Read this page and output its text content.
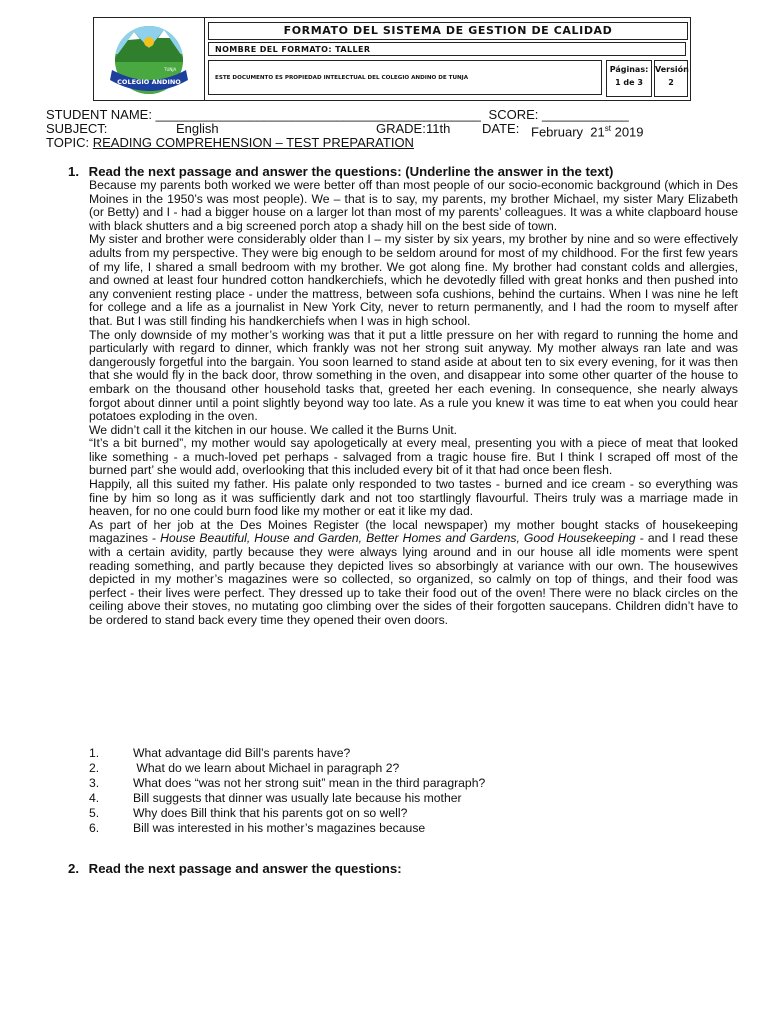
COLEGIO ANDINO
TUNJA
FORMATO DEL SISTEMA DE GESTION DE CALIDAD
NOMBRE DEL FORMATO: TALLER
ESTE DOCUMENTO ES PROPIEDAD INTELECTUAL DEL COLEGIO ANDINO DE TUNJA
Páginas:
1 de 3
Versión
2
STUDENT NAME: _____________________________________________ SCORE: ____________
SUBJECT:	English	GRADE: 11th DATE: February 21st 2019
TOPIC: READING COMPREHENSION – TEST PREPARATION
1. Read the next passage and answer the questions: (Underline the answer in the text)

Because my parents both worked we were better off than most people of our socio-economic background (which in Des Moines in the 1950’s was most people). We – that is to say, my parents, my brother Michael, my sister Mary Elizabeth (or Betty) and I - had a bigger house on a larger lot than most of my parents’ colleagues. It was a white clapboard house with black shutters and a big screened porch atop a shady hill on the best side of town.

My sister and brother were considerably older than I – my sister by six years, my brother by nine and so were effectively adults from my perspective. They were big enough to be seldom around for most of my childhood. For the first few years of my life, I shared a small bedroom with my brother. We got along fine. My brother had constant colds and allergies, and owned at least four hundred cotton handkerchiefs, which he devotedly filled with great honks and then pushed into any convenient resting place - under the mattress, between sofa cushions, behind the curtains. When I was nine he left for college and a life as a journalist in New York City, never to return permanently, and I had the room to myself after that. But I was still finding his handkerchiefs when I was in high school.

The only downside of my mother’s working was that it put a little pressure on her with regard to running the home and particularly with regard to dinner, which frankly was not her strong suit anyway. My mother always ran late and was dangerously forgetful into the bargain. You soon learned to stand aside at about ten to six every evening, for it was then that she would fly in the back door, throw something in the oven, and disappear into some other quarter of the house to embark on the thousand other household tasks that, greeted her each evening. In consequence, she nearly always forgot about dinner until a point slightly beyond way too late. As a rule you knew it was time to eat when you could hear potatoes exploding in the oven.

We didn’t call it the kitchen in our house. We called it the Burns Unit.

“It’s a bit burned”, my mother would say apologetically at every meal, presenting you with a piece of meat that looked like something - a much-loved pet perhaps - salvaged from a tragic house fire. But I think I scraped off most of the burned part’ she would add, overlooking that this included every bit of it that had once been flesh.

Happily, all this suited my father. His palate only responded to two tastes - burned and ice cream - so everything was fine by him so long as it was sufficiently dark and not too startlingly flavourful. Theirs truly was a marriage made in heaven, for no one could burn food like my mother or eat it like my dad.

As part of her job at the Des Moines Register (the local newspaper) my mother bought stacks of housekeeping magazines - House Beautiful, House and Garden, Better Homes and Gardens, Good Housekeeping - and I read these with a certain avidity, partly because they were always lying around and in our house all idle moments were spent reading something, and partly because they depicted lives so absorbingly at variance with our own. The housewives depicted in my mother’s magazines were so collected, so organized, so calmly on top of things, and their food was perfect - their lives were perfect. They dressed up to take their food out of the oven! There were no black circles on the ceiling above their stoves, no mutating goo climbing over the sides of their forgotten saucepans. Children didn’t have to be ordered to stand back every time they opened their oven doors.

1.	What advantage did Bill’s parents have?
2.	What do we learn about Michael in paragraph 2?
3.	What does “was not her strong suit” mean in the third paragraph?
4.	Bill suggests that dinner was usually late because his mother
5.	Why does Bill think that his parents got on so well?
6.	Bill was interested in his mother’s magazines because
2. Read the next passage and answer the questions:
